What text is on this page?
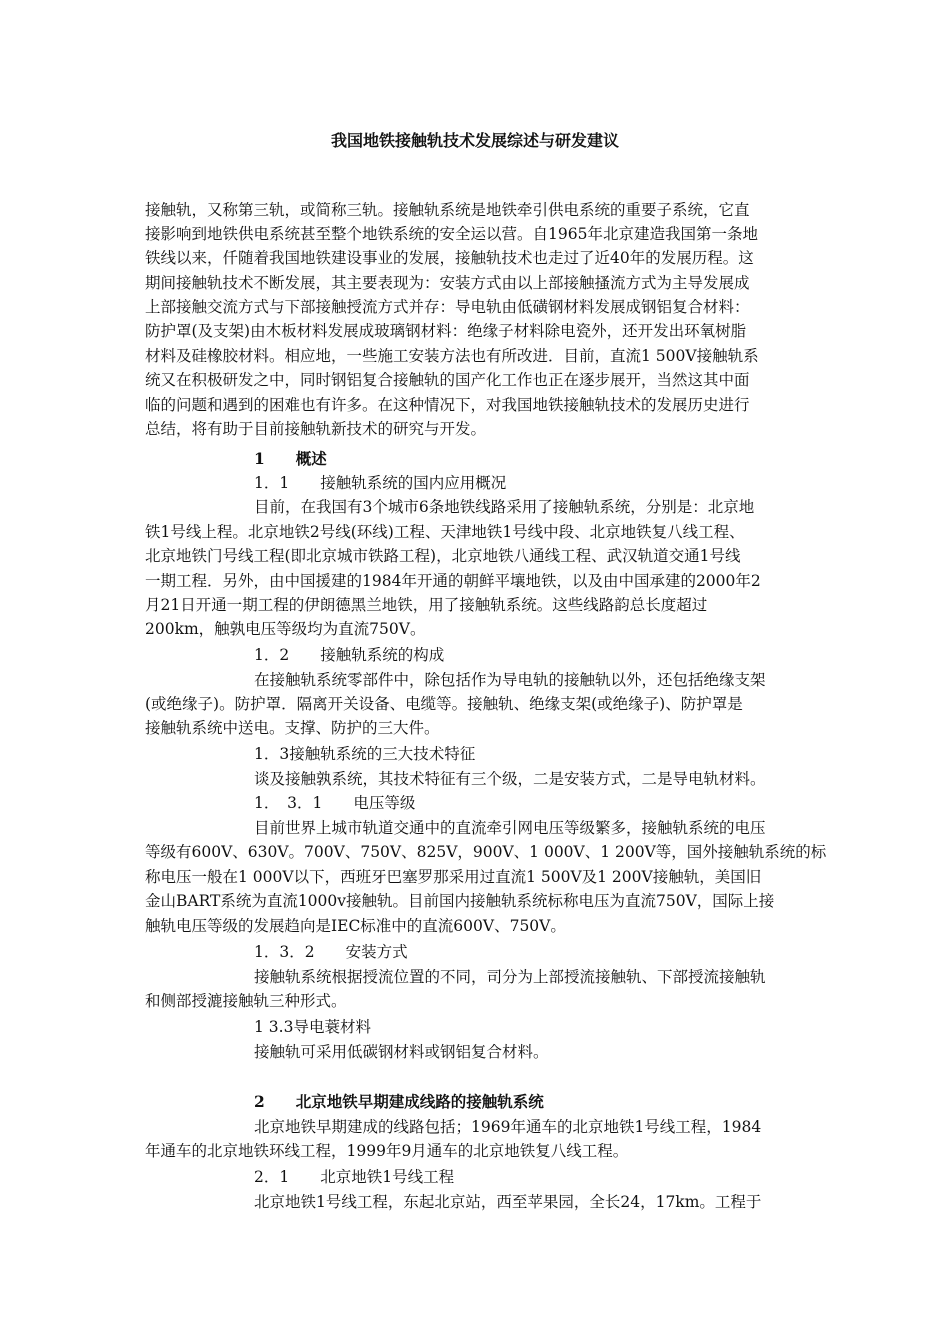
我国地铁接触轨技术发展综述与研发建议
接触轨，又称第三轨，或简称三轨。接触轨系统是地铁牵引供电系统的重要子系统，它直
接影响到地铁供电系统甚至整个地铁系统的安全运以营。自1965年北京建造我国第一条地
铁线以来，仟随着我国地铁建设事业的发展，接触轨技术也走过了近40年的发展历程。这
期间接触轨技术不断发展，其主要表现为：安装方式由以上部接触搔流方式为主导发展成
上部接触交流方式与下部接触授流方式并存：导电轨由低磺钢材料发展成钢铝复合材料：
防护罩(及支架)由木板材料发展成玻璃钢材料：绝缘子材料除电瓷外，还开发出环氧树脂
材料及硅橡胶材料。相应地，一些施工安装方法也有所改进．目前，直流1 500V接触轨系
统又在积极研发之中，同时钢铝复合接触轨的国产化工作也正在逐步展开，当然这其中面
临的问题和遇到的困难也有许多。在这种情况下，对我国地铁接触轨技术的发展历史进行
总结，将有助于目前接触轨新技术的研究与开发。
1　　概述
1．1　　接触轨系统的国内应用概况
目前，在我国有3个城市6条地铁线路采用了接触轨系统，分别是：北京地
铁1号线上程。北京地铁2号线(环线)工程、天津地铁1号线中段、北京地铁复八线工程、
北京地铁门号线工程(即北京城市铁路工程)，北京地铁八通线工程、武汉轨道交通1号线
一期工程．另外，由中国援建的1984年开通的朝鲜平壤地铁，以及由中国承建的2000年2
月21日开通一期工程的伊朗德黑兰地铁，用了接触轨系统。这些线路韵总长度超过
200km，触孰电压等级均为直流750V。
1．2　　接触轨系统的构成
在接触轨系统零部件中，除包括作为导电轨的接触轨以外，还包括绝缘支架
(或绝缘子)。防护罩．隔离开关设备、电缆等。接触轨、绝缘支架(或绝缘子)、防护罩是
接触轨系统中送电。支撑、防护的三大件。
1．3接触轨系统的三大技术特征
谈及接触孰系统，其技术特征有三个级，二是安装方式，二是导电轨材料。
1．　3．1　　电压等级
目前世界上城市轨道交通中的直流牵引网电压等级繁多，接触轨系统的电压
等级有600V、630V。700V、750V、825V，900V、1 000V、1 200V等，国外接触轨系统的标
称电压一般在1 000V以下，西班牙巴塞罗那采用过直流1 500V及1 200V接触轨，美国旧
金山BART系统为直流1000v接触轨。目前国内接触轨系统标称电压为直流750V，国际上接
触轨电压等级的发展趋向是IEC标准中的直流600V、750V。
1．3．2　　安装方式
接触轨系统根据授流位置的不同，司分为上部授流接触轨、下部授流接触轨
和侧部授漉接触轨三种形式。
1 3.3导电蓑材料
接触轨可采用低碳钢材料或钢铝复合材料。
2　　北京地铁早期建成线路的接触轨系统
北京地铁早期建成的线路包括；1969年通车的北京地铁1号线工程，1984
年通车的北京地铁环线工程，1999年9月通车的北京地铁复八线工程。
2．1　　北京地铁1号线工程
北京地铁1号线工程，东起北京站，西至苹果园，全长24，17km。工程于
